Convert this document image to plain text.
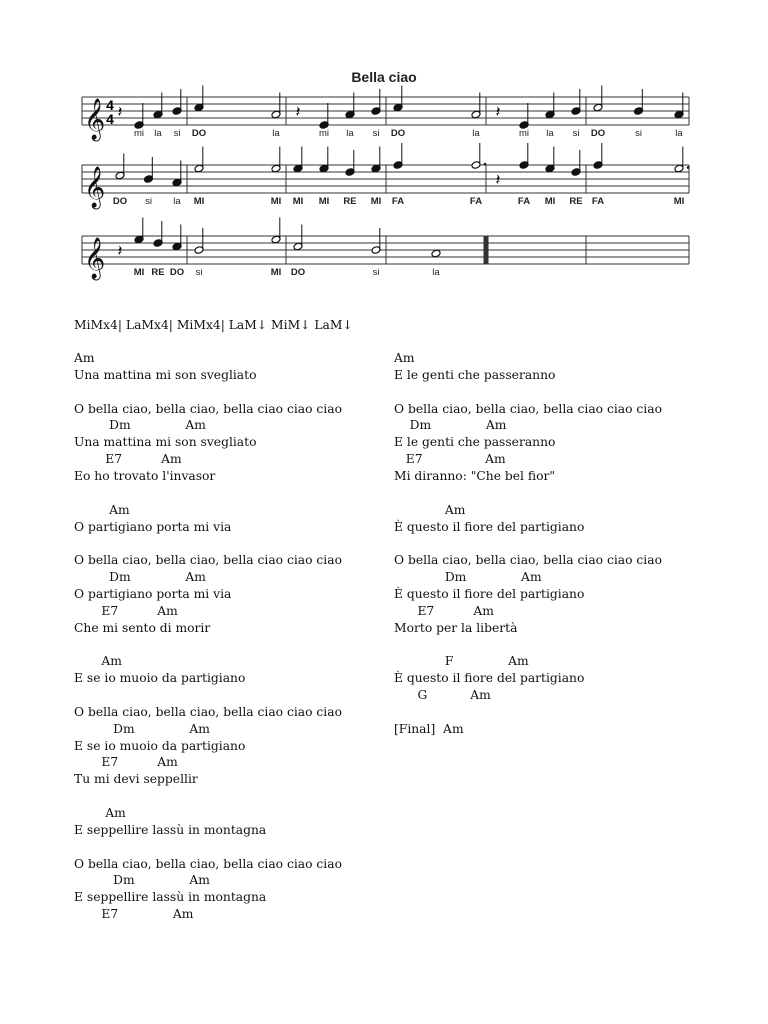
Bella ciao
𝄞 4
4 𝄽	𝄽	𝄽
mi la si DO	la	mi la si DO	la	mi la si DO	si	la
𝄞	𝄽
DO si la MI	MI MI MI RE MI FA	FA	FA MI RE FA	MI
𝄞 𝄽
MI RE DO si	MI DO	si	la
MiMx4| LaMx4| MiMx4| LaM↓ MiM↓ LaM↓
Am
Una mattina mi son svegliato
O bella ciao, bella ciao, bella ciao ciao ciao
Dm              Am
Una mattina mi son svegliato
E7          Am
Eo ho trovato l'invasor
Am
O partigiano porta mi via
O bella ciao, bella ciao, bella ciao ciao ciao
Dm              Am
O partigiano porta mi via
E7          Am
Che mi sento di morir
Am
E se io muoio da partigiano
O bella ciao, bella ciao, bella ciao ciao ciao
Dm              Am
E se io muoio da partigiano
E7          Am
Tu mi devi seppellir
Am
E seppellire lassù in montagna
O bella ciao, bella ciao, bella ciao ciao ciao
Dm              Am
E seppellire lassù in montagna
E7              Am
Am
E le genti che passeranno
O bella ciao, bella ciao, bella ciao ciao ciao
Dm              Am
E le genti che passeranno
E7                Am
Mi diranno: "Che bel fior"
Am
È questo il fiore del partigiano
O bella ciao, bella ciao, bella ciao ciao ciao
Dm              Am
È questo il fiore del partigiano
E7          Am
Morto per la libertà
F              Am
È questo il fiore del partigiano
G           Am
[Final]  Am
